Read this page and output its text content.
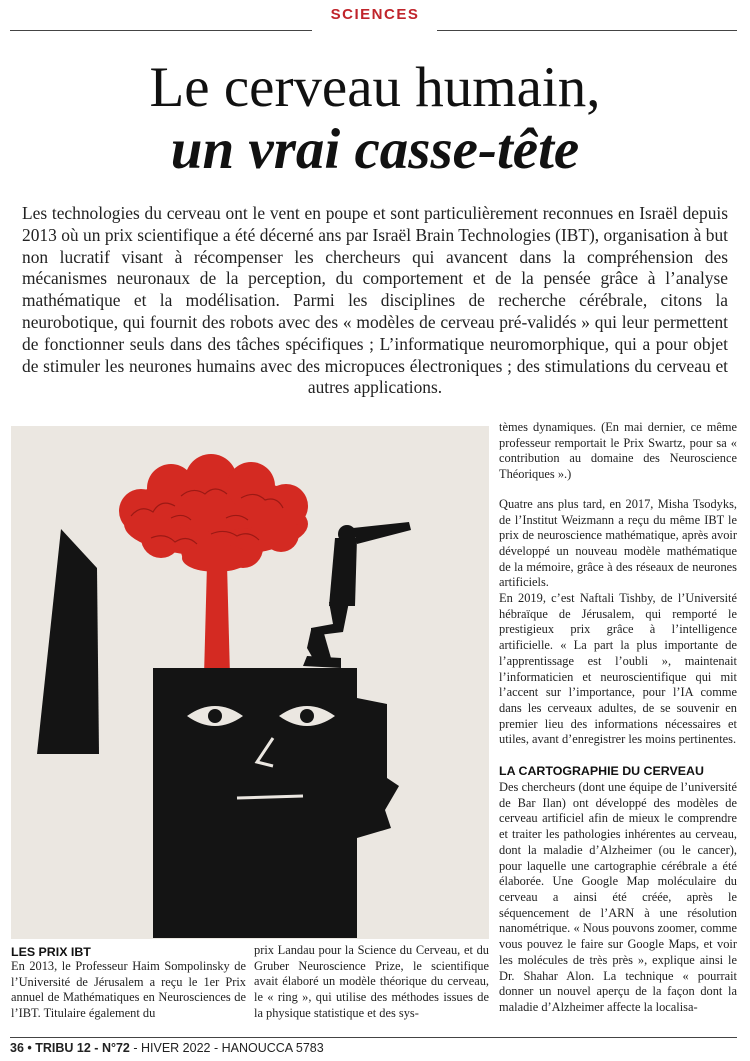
SCIENCES
Le cerveau humain,
un vrai casse-tête
Les technologies du cerveau ont le vent en poupe et sont particulièrement reconnues en Israël depuis 2013 où un prix scientifique a été décerné ans par Israël Brain Technologies (IBT), organisation à but non lucratif visant à récompenser les chercheurs qui avancent dans la compréhension des mécanismes neuronaux de la perception, du comportement et de la pensée grâce à l’analyse mathématique et la modélisation. Parmi les disciplines de recherche cérébrale, citons la neurobotique, qui fournit des robots avec des « modèles de cerveau pré-validés » qui leur permettent de fonctionner seuls dans des tâches spécifiques ; L’informatique neuromorphique, qui a pour objet de stimuler les neurones humains avec des micropuces électroniques ; des stimulations du cerveau et autres applications.
LES PRIX IBT
En 2013, le Professeur Haim Sompolinsky de l’Université de Jérusalem a reçu le 1er Prix annuel de Mathématiques en Neurosciences de l’IBT. Titulaire également du
prix Landau pour la Science du Cerveau, et du Gruber Neuroscience Prize, le scientifique avait élaboré un modèle théorique du cerveau, le « ring », qui utilise des méthodes issues de la physique statistique et des sys-

tèmes dynamiques. (En mai dernier, ce même professeur remportait le Prix Swartz, pour sa « contribution au domaine des Neuroscience Théoriques ».)

Quatre ans plus tard, en 2017, Misha Tsodyks, de l’Institut Weizmann a reçu du même IBT le prix de neuroscience mathématique, après avoir développé un nouveau modèle mathématique de la mémoire, grâce à des réseaux de neurones artificiels.

En 2019, c’est Naftali Tishby, de l’Université hébraïque de Jérusalem, qui remporté le prestigieux prix grâce à l’intelligence artificielle. « La part la plus importante de l’apprentissage est l’oubli », maintenait l’informaticien et neuroscientifique qui mit l’accent sur l’importance, pour l’IA comme dans les cerveaux adultes, de se souvenir en premier lieu des informations nécessaires et utiles, avant d’enregistrer les moins pertinentes.

LA CARTOGRAPHIE DU CERVEAU

Des chercheurs (dont une équipe de l’université de Bar Ilan) ont développé des modèles de cerveau artificiel afin de mieux le comprendre et traiter les pathologies inhérentes au cerveau, dont la maladie d’Alzheimer (ou le cancer), pour laquelle une cartographie cérébrale a été élaborée. Une Google Map moléculaire du cerveau a ainsi été créée, après le séquencement de l’ARN à une résolution nanométrique. « Nous pouvons zoomer, comme vous pouvez le faire sur Google Maps, et voir les molécules de très près », explique ainsi le Dr. Shahar Alon. La technique « pourrait donner un nouvel aperçu de la façon dont la maladie d’Alzheimer affecte la localisa-

36 • TRIBU 12 - N°72 - HIVER 2022 - HANOUCCA 5783
